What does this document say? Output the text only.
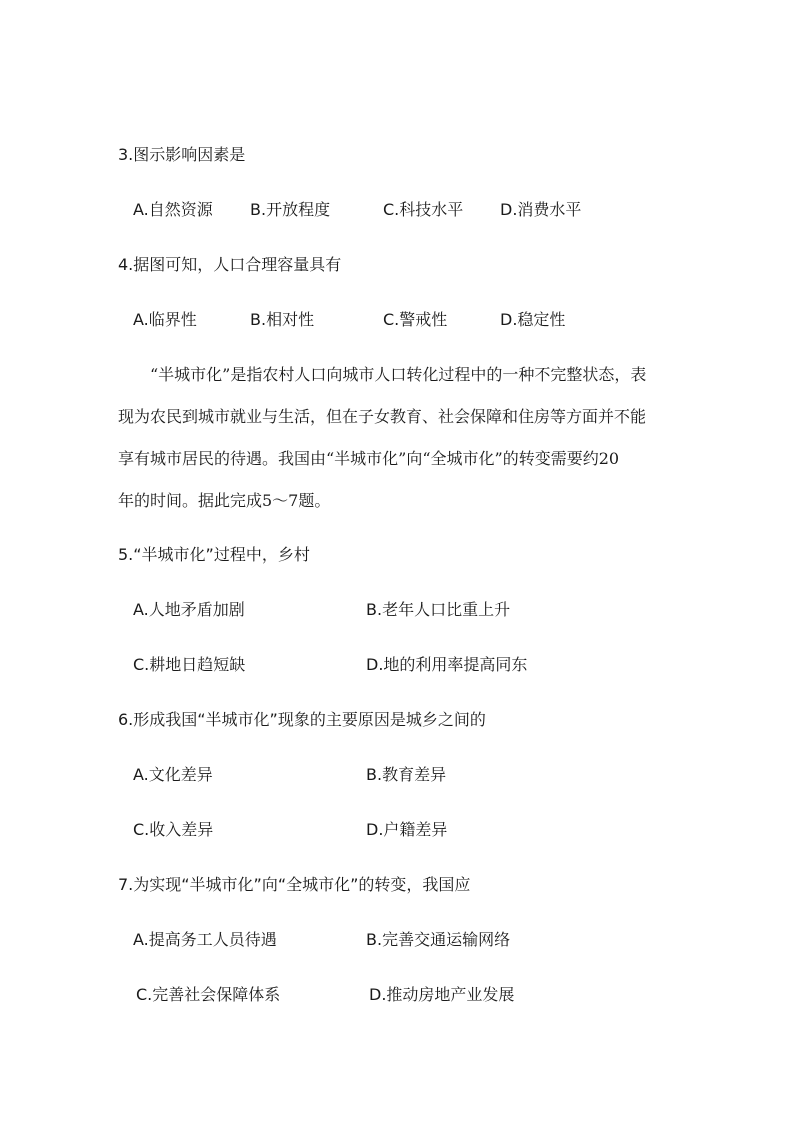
3.图示影响因素是
A.自然资源 B.开放程度	C.科技水平 D.消费水平
4.据图可知，人口合理容量具有
A.临界性	B.相对性	C.警戒性	D.稳定性
“半城市化”是指农村人口向城市人口转化过程中的一种不完整状态，表
现为农民到城市就业与生活，但在子女教育、社会保障和住房等方面并不能
享有城市居民的待遇。我国由“半城市化”向“全城市化”的转变需要约20
年的时间。据此完成5～7题。
5.“半城市化”过程中，乡村
A.人地矛盾加剧	B.老年人口比重上升
C.耕地日趋短缺	D.地的利用率提高同东
6.形成我国“半城市化”现象的主要原因是城乡之间的
A.文化差异	B.教育差异
C.收入差异	D.户籍差异
7.为实现“半城市化”向“全城市化”的转变，我国应
A.提高务工人员待遇	B.完善交通运输网络
C.完善社会保障体系	D.推动房地产业发展
